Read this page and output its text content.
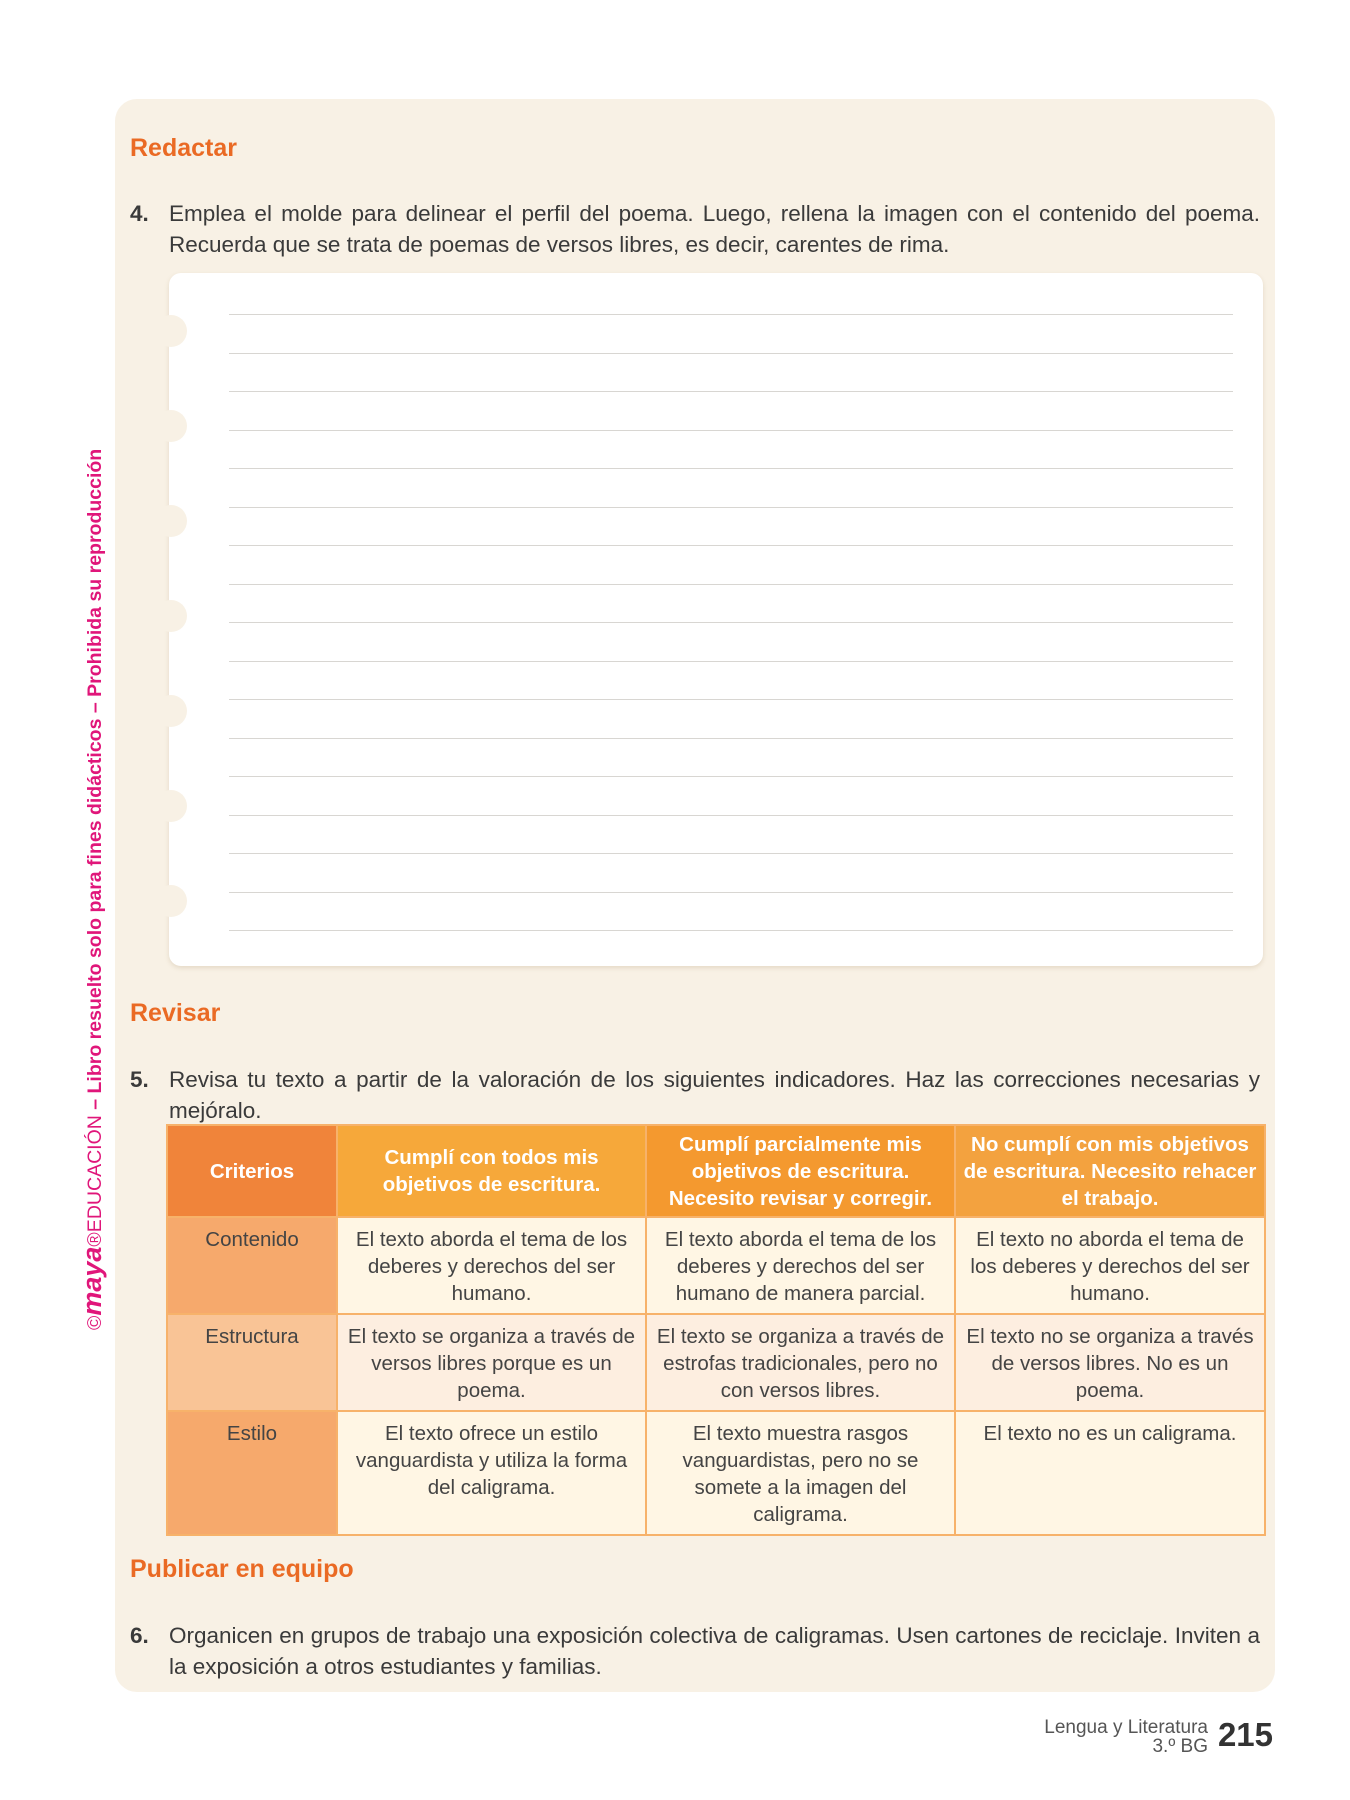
©maya®EDUCACIÓN – Libro resuelto solo para fines didácticos – Prohibida su reproducción
Redactar
4. Emplea el molde para delinear el perfil del poema. Luego, rellena la imagen con el contenido del poema. Recuerda que se trata de poemas de versos libres, es decir, carentes de rima.
Revisar
5. Revisa tu texto a partir de la valoración de los siguientes indicadores. Haz las correcciones necesarias y mejóralo.
Criterios	Cumplí con todos mis objetivos de escritura.	Cumplí parcialmente mis objetivos de escritura. Necesito revisar y corregir.	No cumplí con mis objetivos de escritura. Necesito rehacer el trabajo.
Contenido	El texto aborda el tema de los deberes y derechos del ser humano.	El texto aborda el tema de los deberes y derechos del ser humano de manera parcial.	El texto no aborda el tema de los deberes y derechos del ser humano.
Estructura	El texto se organiza a través de versos libres porque es un poema.	El texto se organiza a través de estrofas tradicionales, pero no con versos libres.	El texto no se organiza a través de versos libres. No es un poema.
Estilo	El texto ofrece un estilo vanguardista y utiliza la forma del caligrama.	El texto muestra rasgos vanguardistas, pero no se somete a la imagen del caligrama.	El texto no es un caligrama.
Publicar en equipo
6. Organicen en grupos de trabajo una exposición colectiva de caligramas. Usen cartones de reciclaje. Inviten a la exposición a otros estudiantes y familias.
Lengua y Literatura
3.º BG 215
